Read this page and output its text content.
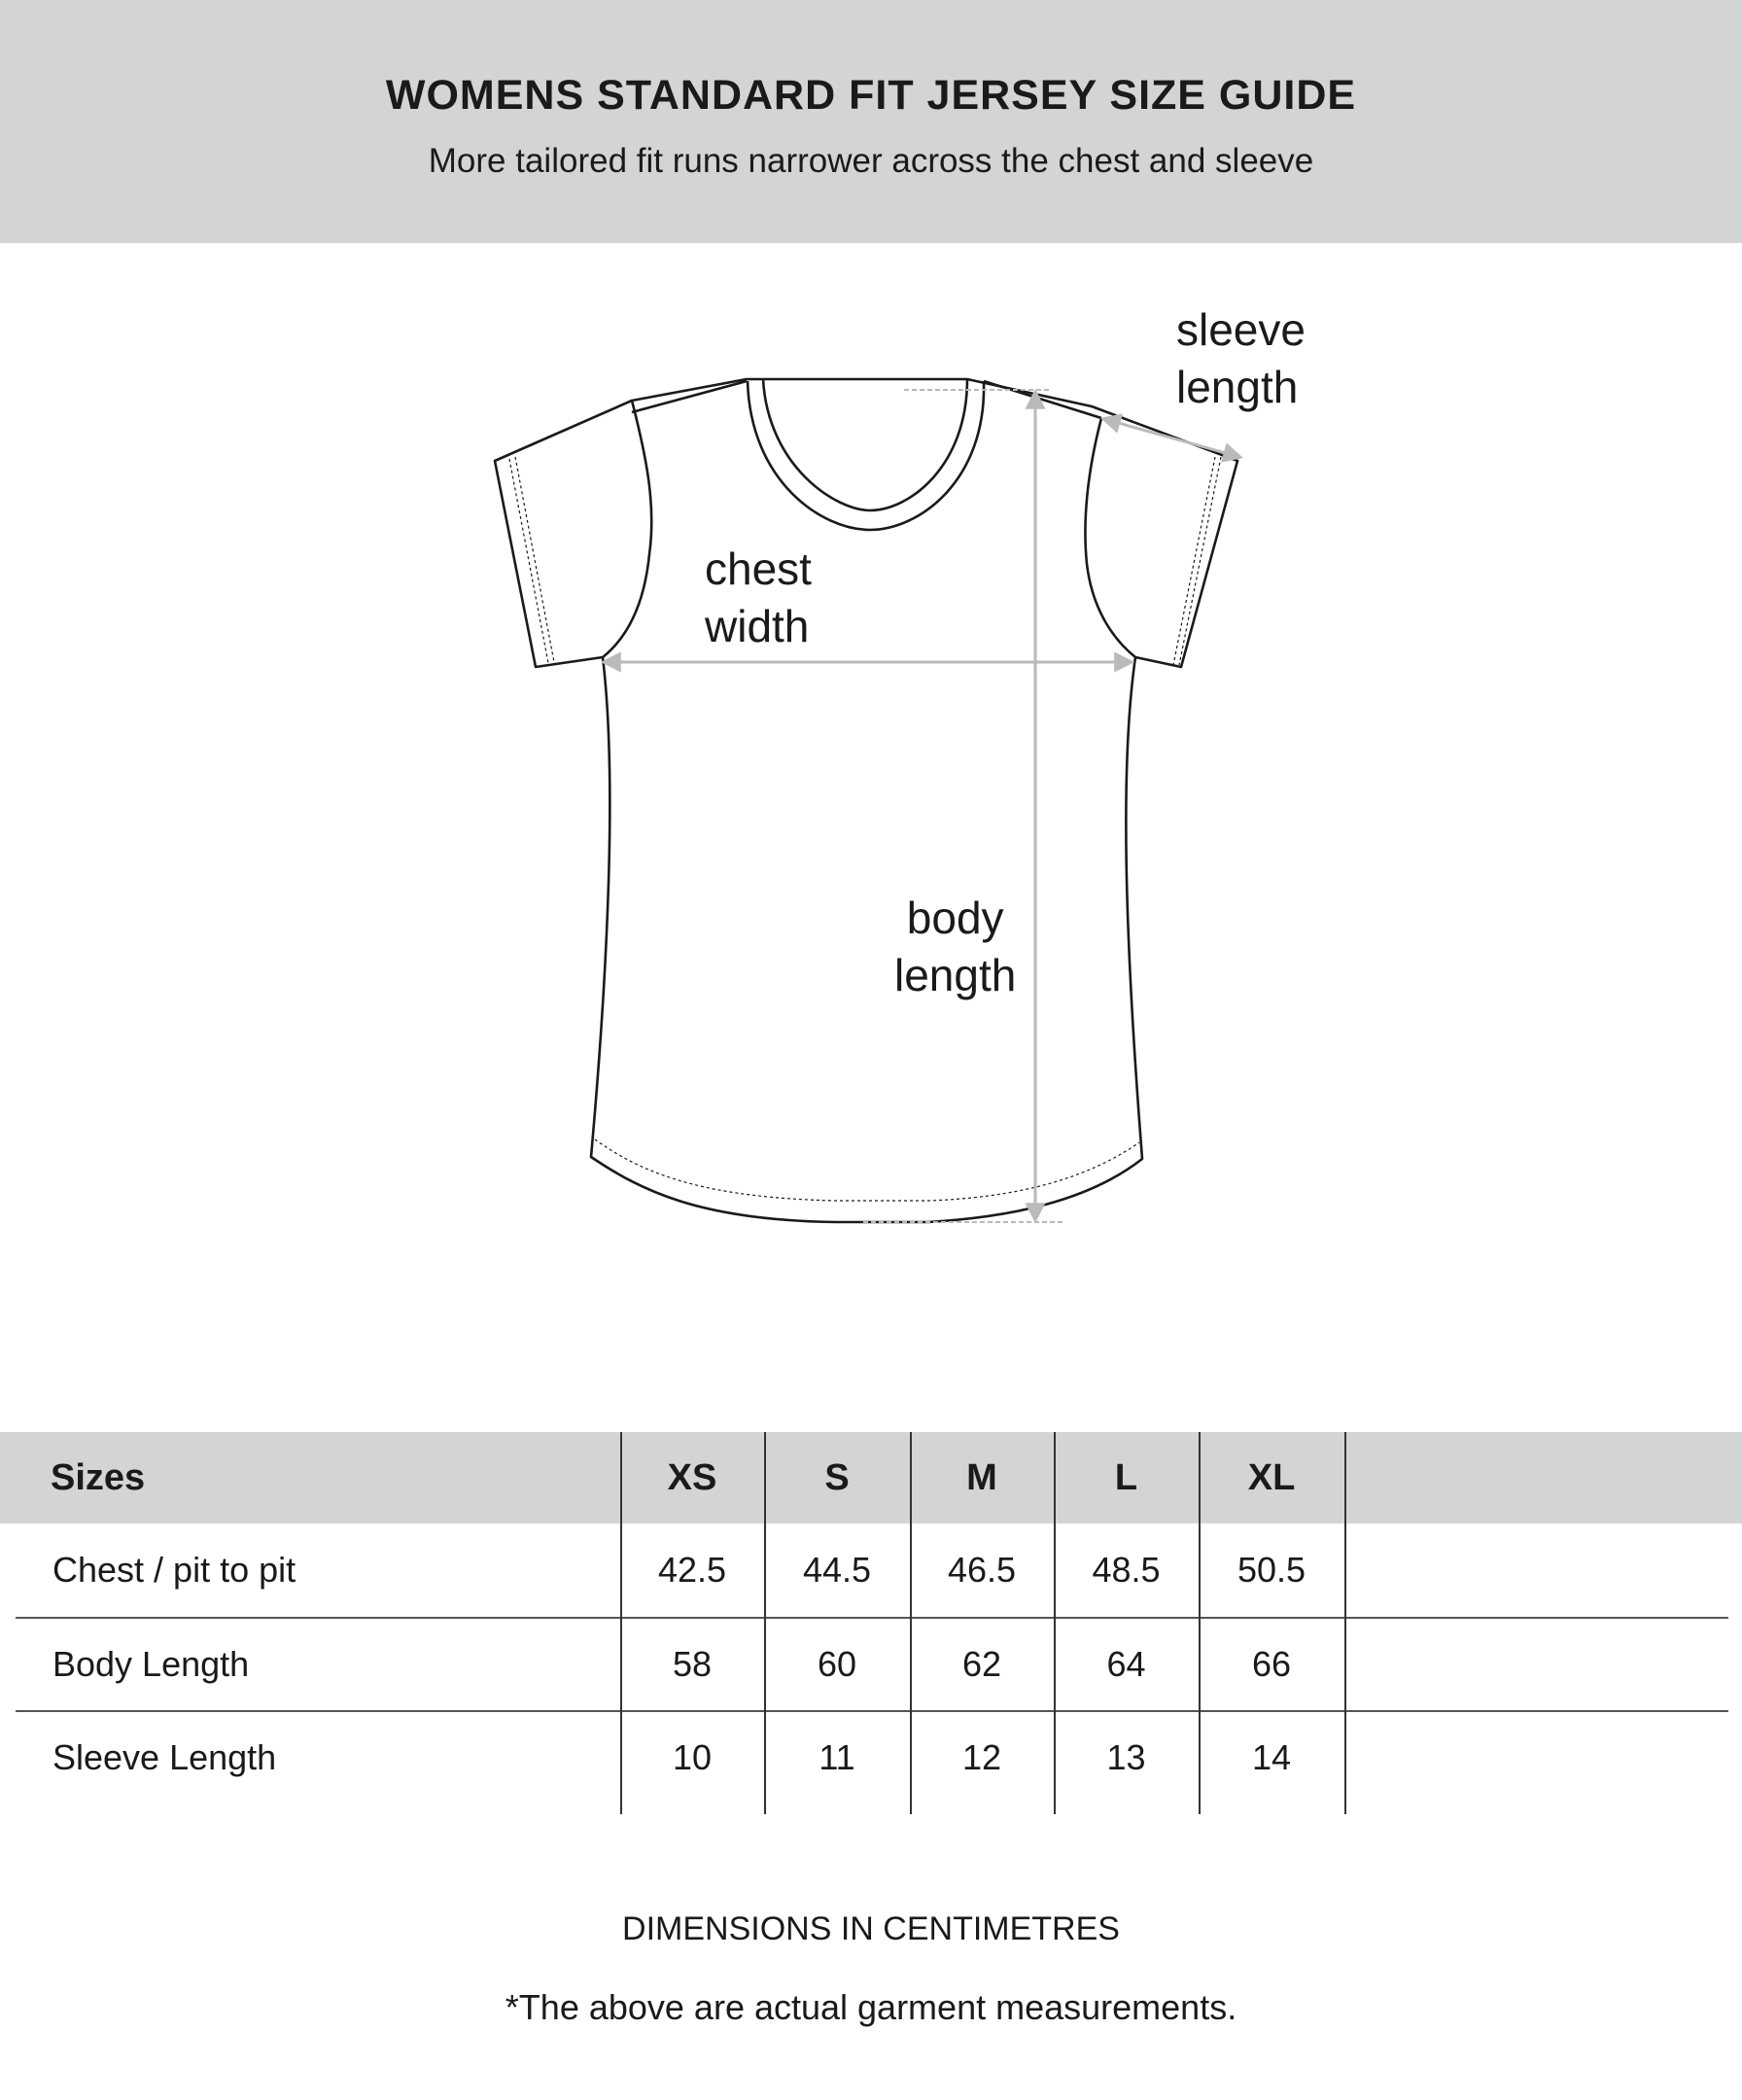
WOMENS STANDARD FIT JERSEY SIZE GUIDE
More tailored fit runs narrower across the chest and sleeve
sleeve
length
chest
width
body
length
Sizes	XS	S	M	L	XL
Chest / pit to pit	42.5	44.5	46.5	48.5	50.5
Body Length	58	60	62	64	66
Sleeve Length	10	11	12	13	14
DIMENSIONS IN CENTIMETRES
*The above are actual garment measurements.
